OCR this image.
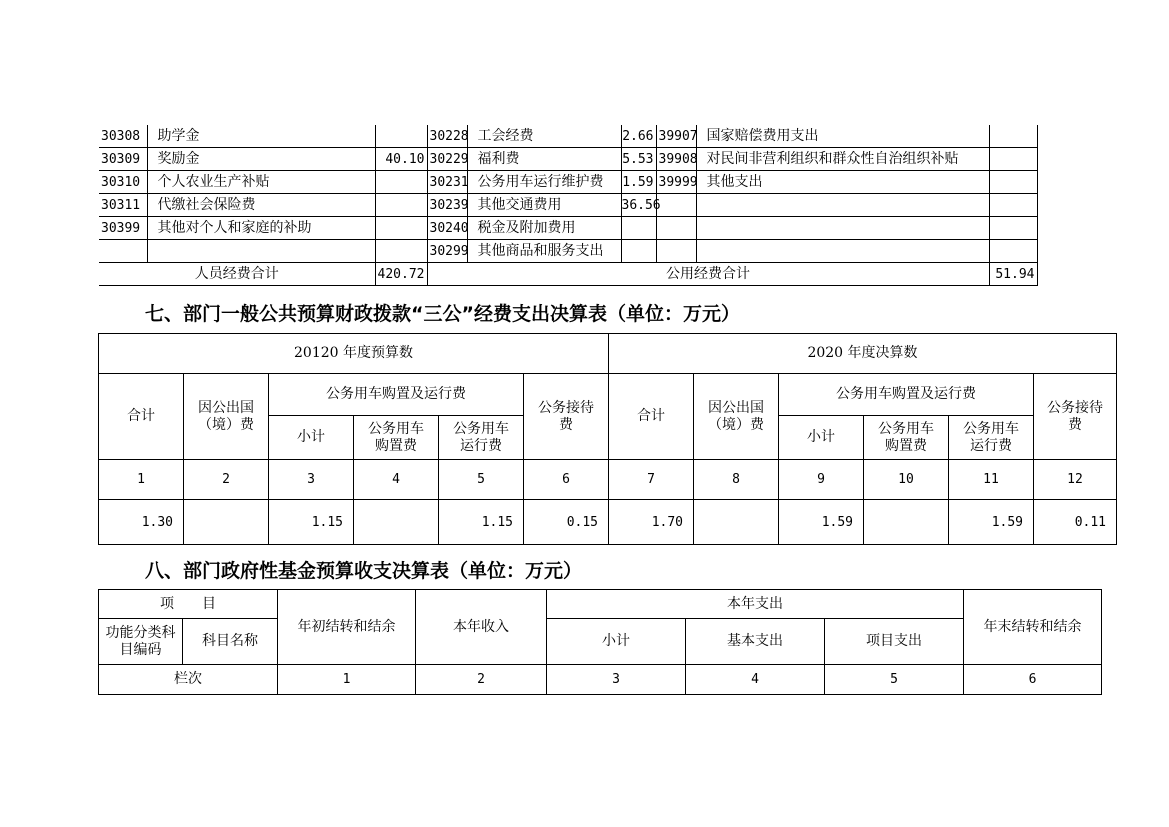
30308	助学金		30228	工会经费	2.66	39907	国家赔偿费用支出	
30309	奖励金	40.10	30229	福利费	5.53	39908	对民间非营利组织和群众性自治组织补贴	
30310	个人农业生产补贴		30231	公务用车运行维护费	1.59	39999	其他支出	
30311	代缴社会保险费		30239	其他交通费用	36.56			
30399	其他对个人和家庭的补助		30240	税金及附加费用				
			30299	其他商品和服务支出				
人员经费合计		420.72	公用经费合计					51.94
七、部门一般公共预算财政拨款“三公”经费支出决算表（单位：万元）
20120 年度预算数						2020 年度决算数					
合计	因公出国（境）费	公务用车购置及运行费			公务接待费	合计	因公出国（境）费	公务用车购置及运行费			公务接待费
		小计	公务用车购置费	公务用车运行费				小计	公务用车购置费	公务用车运行费	
1	2	3	4	5	6	7	8	9	10	11	12
1.30		1.15		1.15	0.15	1.70		1.59		1.59	0.11
八、部门政府性基金预算收支决算表（单位：万元）
项　　目		年初结转和结余	本年收入	本年支出			年末结转和结余
功能分类科目编码	科目名称			小计	基本支出	项目支出	
栏次		1	2	3	4	5	6
